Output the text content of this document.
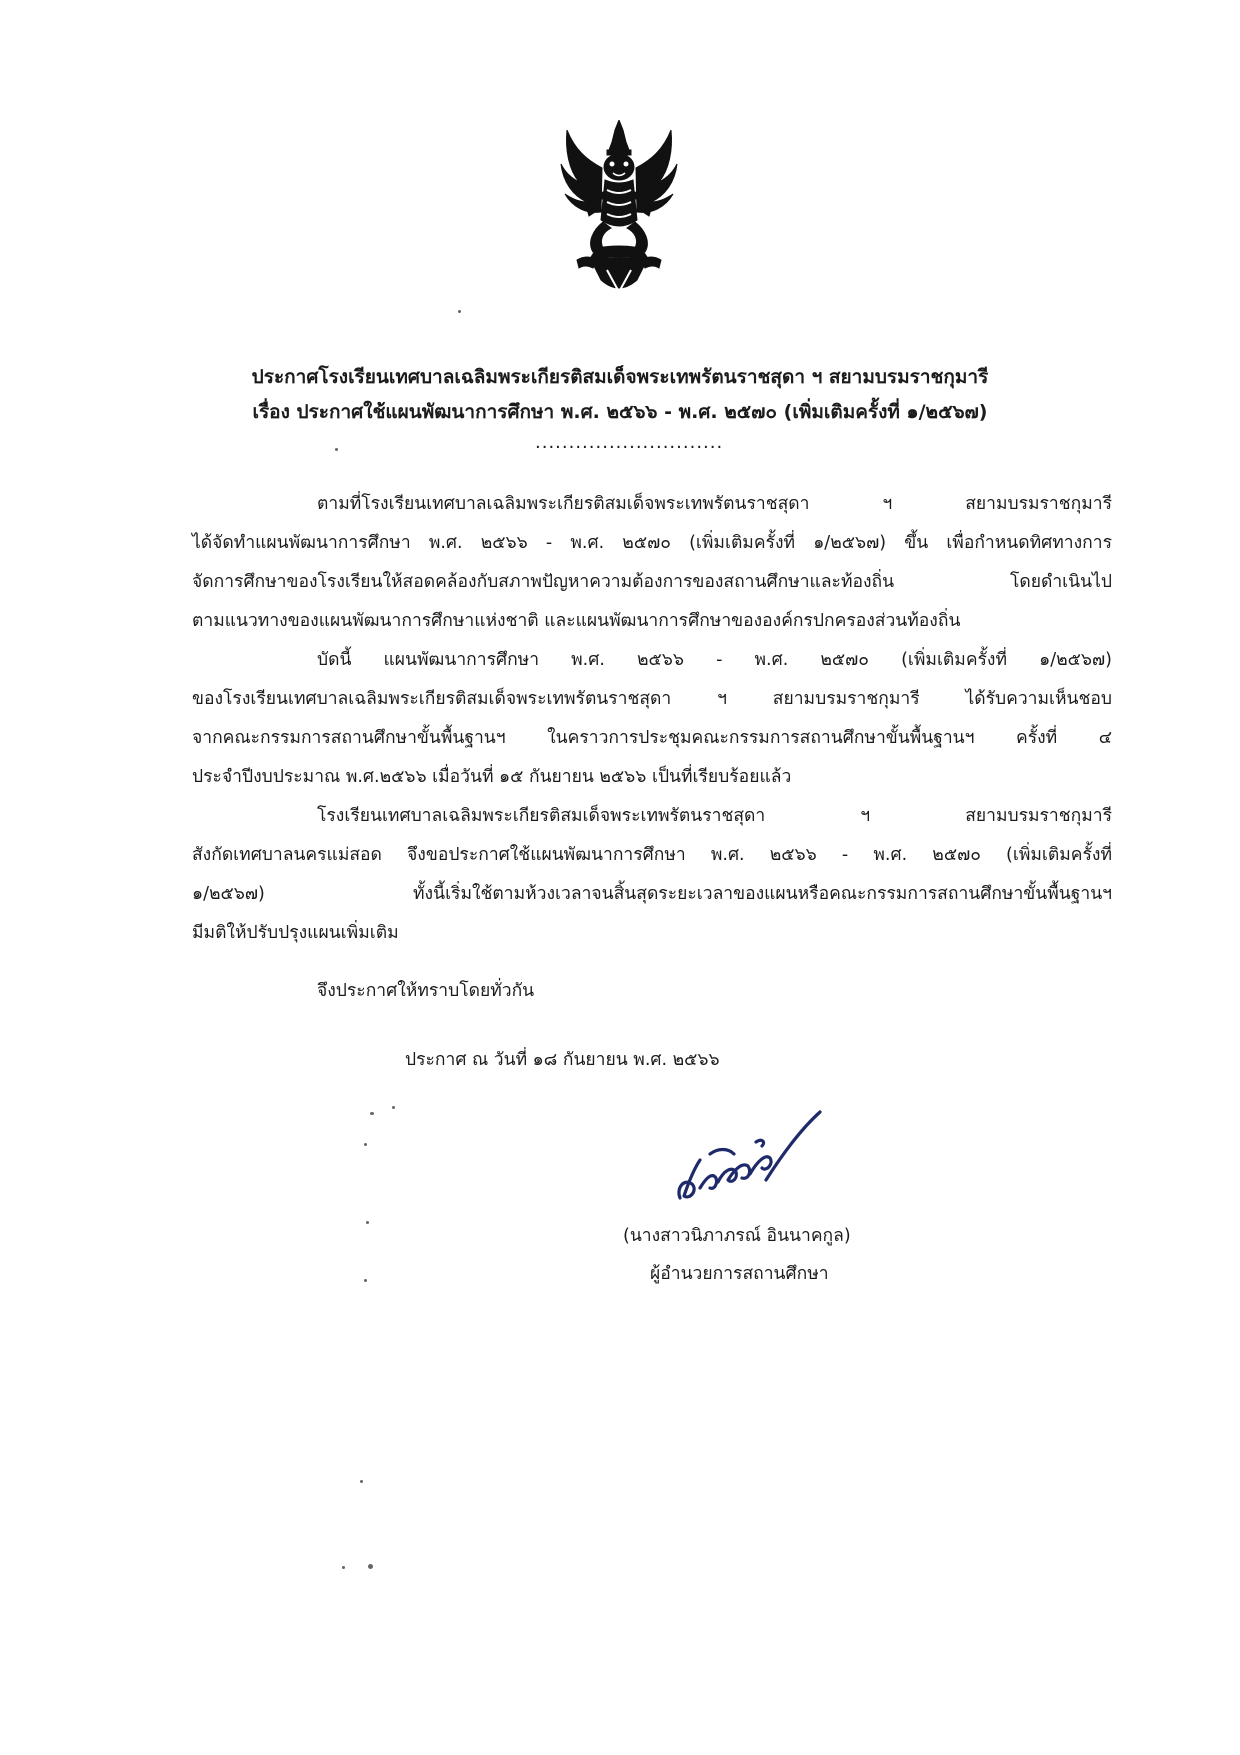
ประกาศโรงเรียนเทศบาลเฉลิมพระเกียรติสมเด็จพระเทพรัตนราชสุดา ฯ สยามบรมราชกุมารี
เรื่อง ประกาศใช้แผนพัฒนาการศึกษา พ.ศ. ๒๕๖๖ - พ.ศ. ๒๕๗๐ (เพิ่มเติมครั้งที่ ๑/๒๕๖๗)
............................
ตามที่โรงเรียนเทศบาลเฉลิมพระเกียรติสมเด็จพระเทพรัตนราชสุดา ฯ สยามบรมราชกุมารี
ได้จัดทำแผนพัฒนาการศึกษา พ.ศ. ๒๕๖๖ - พ.ศ. ๒๕๗๐ (เพิ่มเติมครั้งที่ ๑/๒๕๖๗) ขึ้น เพื่อกำหนดทิศทางการ
จัดการศึกษาของโรงเรียนให้สอดคล้องกับสภาพปัญหาความต้องการของสถานศึกษาและท้องถิ่น โดยดำเนินไป
ตามแนวทางของแผนพัฒนาการศึกษาแห่งชาติ และแผนพัฒนาการศึกษาขององค์กรปกครองส่วนท้องถิ่น
บัดนี้ แผนพัฒนาการศึกษา พ.ศ. ๒๕๖๖ - พ.ศ. ๒๕๗๐ (เพิ่มเติมครั้งที่ ๑/๒๕๖๗)
ของโรงเรียนเทศบาลเฉลิมพระเกียรติสมเด็จพระเทพรัตนราชสุดา ฯ สยามบรมราชกุมารี ได้รับความเห็นชอบ
จากคณะกรรมการสถานศึกษาขั้นพื้นฐานฯ ในคราวการประชุมคณะกรรมการสถานศึกษาขั้นพื้นฐานฯ ครั้งที่ ๔
ประจำปีงบประมาณ พ.ศ.๒๕๖๖ เมื่อวันที่ ๑๕ กันยายน ๒๕๖๖ เป็นที่เรียบร้อยแล้ว
โรงเรียนเทศบาลเฉลิมพระเกียรติสมเด็จพระเทพรัตนราชสุดา ฯ สยามบรมราชกุมารี
สังกัดเทศบาลนครแม่สอด จึงขอประกาศใช้แผนพัฒนาการศึกษา พ.ศ. ๒๕๖๖ - พ.ศ. ๒๕๗๐ (เพิ่มเติมครั้งที่
๑/๒๕๖๗) ทั้งนี้เริ่มใช้ตามห้วงเวลาจนสิ้นสุดระยะเวลาของแผนหรือคณะกรรมการสถานศึกษาขั้นพื้นฐานฯ
มีมติให้ปรับปรุงแผนเพิ่มเติม
จึงประกาศให้ทราบโดยทั่วกัน
ประกาศ ณ วันที่ ๑๘ กันยายน พ.ศ. ๒๕๖๖
(นางสาวนิภาภรณ์ อินนาคกูล)
ผู้อำนวยการสถานศึกษา
